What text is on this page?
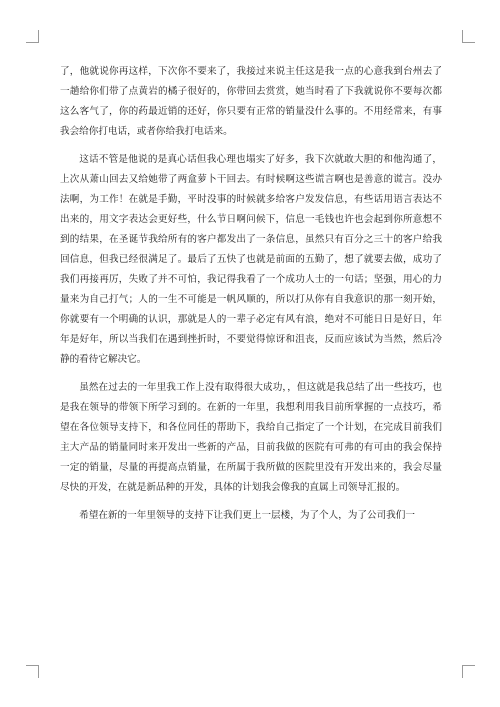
了，他就说你再这样，下次你不要来了，我接过来说主任这是我一点的心意我到台州去了一趟给你们带了点黄岩的橘子很好的，你带回去赏赏，她当时看了下我就说你不要每次都这么客气了，你的药最近销的还好，你只要有正常的销量没什么事的。不用经常来，有事我会给你打电话，或者你给我打电话来。

这话不管是他说的是真心话但我心理也塌实了好多，我下次就敢大胆的和他沟通了，上次从萧山回去又给她带了两盒萝卜干回去。有时候啊这些谎言啊也是善意的谎言。没办法啊，为工作！在就是手勤，平时没事的时候就多给客户发发信息，有些话用语言表达不出来的，用文字表达会更好些，什么节日啊问候下，信息一毛钱也许也会起到你所意想不到的结果，在圣诞节我给所有的客户都发出了一条信息，虽然只有百分之三十的客户给我回信息，但我已经很满足了。最后了五快了也就是前面的五勤了，想了就要去做，成功了我们再接再厉，失败了并不可怕，我记得我看了一个成功人士的一句话；坚强，用心的力量来为自己打气；人的一生不可能是一帆风顺的，所以打从你有自我意识的那一刻开始，你就要有一个明确的认识，那就是人的一辈子必定有风有浪，绝对不可能日日是好日，年年是好年，所以当我们在遇到挫折时，不要觉得惊讶和沮丧，反而应该试为当然，然后冷静的看待它解决它。

虽然在过去的一年里我工作上没有取得很大成功，，但这就是我总结了出一些技巧，也是我在领导的带领下所学习到的。在新的一年里，我想利用我目前所掌握的一点技巧，希望在各位领导支持下，和各位同任的帮助下，我给自己指定了一个计划，在完成目前我们主大产品的销量同时来开发出一些新的产品，目前我做的医院有可弗的有可由的我会保持一定的销量，尽量的再提高点销量，在所属于我所做的医院里没有开发出来的，我会尽量尽快的开发，在就是新品种的开发，具体的计划我会像我的直属上司领导汇报的。

希望在新的一年里领导的支持下让我们更上一层楼，为了个人，为了公司我们一
